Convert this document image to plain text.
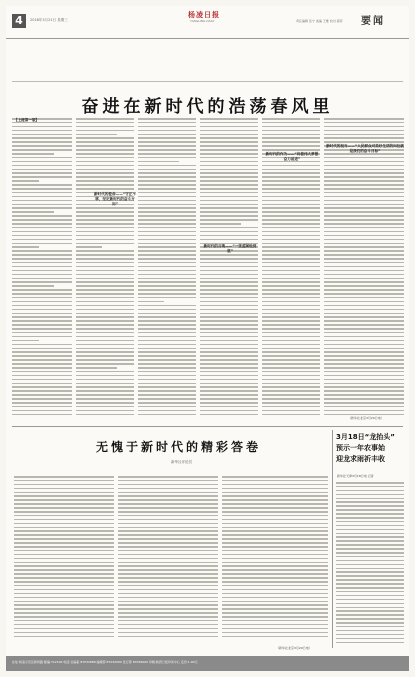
4	2018年3月21日 星期三
杨凌日报
YANGLING DAILY	责任编辑 张宁 美编 王维 校对 郝菲 要闻
奋进在新时代的浩荡春风里
【上接第一版】
新时代的使命——“守正不移，坚定新时代的奋斗方向”
新时代的召唤——“一张蓝图绘到底”
新时代的作为——“向着伟大梦想奋力前进”
新时代的担当——“人民群众对美好生活的向往就是我们的奋斗目标”
（新华社北京3月20日电）
无愧于新时代的精彩答卷
新华社评论员
（新华社北京3月20日电）
3月18日“龙抬头”
预示一年农事始
迎龙求雨祈丰收
新华社天津3月18日电 记者
社址:杨凌示范区新桥路 邮编:712100 电话:总编室 87032888 编辑部 87032000 发行部 87036000 印刷:陕西日报印务中心 定价:1.00元
